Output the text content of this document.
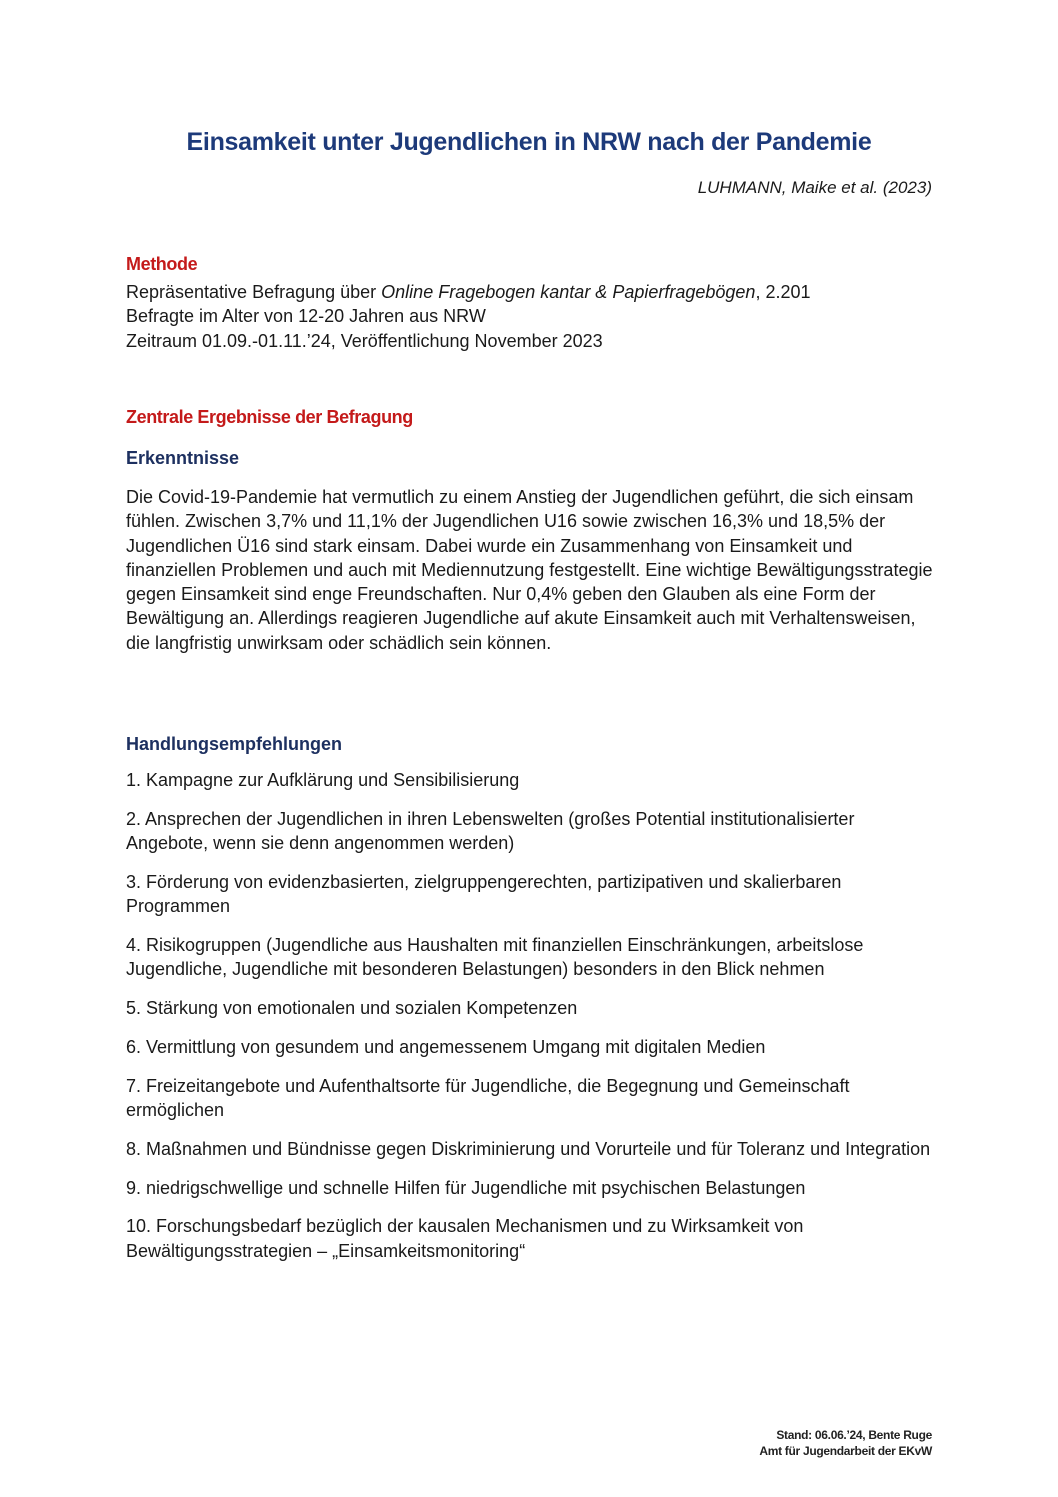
Einsamkeit unter Jugendlichen in NRW nach der Pandemie
LUHMANN, Maike et al. (2023)
Methode
Repräsentative Befragung über Online Fragebogen kantar & Papierfragebögen, 2.201
Befragte im Alter von 12-20 Jahren aus NRW
Zeitraum 01.09.-01.11.’24, Veröffentlichung November 2023
Zentrale Ergebnisse der Befragung
Erkenntnisse
Die Covid-19-Pandemie hat vermutlich zu einem Anstieg der Jugendlichen geführt, die sich einsam fühlen. Zwischen 3,7% und 11,1% der Jugendlichen U16 sowie zwischen 16,3% und 18,5% der Jugendlichen Ü16 sind stark einsam. Dabei wurde ein Zusammenhang von Einsamkeit und finanziellen Problemen und auch mit Mediennutzung festgestellt. Eine wichtige Bewältigungsstrategie gegen Einsamkeit sind enge Freundschaften. Nur 0,4% geben den Glauben als eine Form der Bewältigung an. Allerdings reagieren Jugendliche auf akute Einsamkeit auch mit Verhaltensweisen, die langfristig unwirksam oder schädlich sein können.
Handlungsempfehlungen
1. Kampagne zur Aufklärung und Sensibilisierung
2. Ansprechen der Jugendlichen in ihren Lebenswelten (großes Potential institutionalisierter Angebote, wenn sie denn angenommen werden)
3. Förderung von evidenzbasierten, zielgruppengerechten, partizipativen und skalierbaren Programmen
4. Risikogruppen (Jugendliche aus Haushalten mit finanziellen Einschränkungen, arbeitslose Jugendliche, Jugendliche mit besonderen Belastungen) besonders in den Blick nehmen
5. Stärkung von emotionalen und sozialen Kompetenzen
6. Vermittlung von gesundem und angemessenem Umgang mit digitalen Medien
7. Freizeitangebote und Aufenthaltsorte für Jugendliche, die Begegnung und Gemeinschaft ermöglichen
8. Maßnahmen und Bündnisse gegen Diskriminierung und Vorurteile und für Toleranz und Integration
9. niedrigschwellige und schnelle Hilfen für Jugendliche mit psychischen Belastungen
10. Forschungsbedarf bezüglich der kausalen Mechanismen und zu Wirksamkeit von Bewältigungsstrategien – „Einsamkeitsmonitoring“
Stand: 06.06.’24, Bente Ruge
Amt für Jugendarbeit der EKvW
